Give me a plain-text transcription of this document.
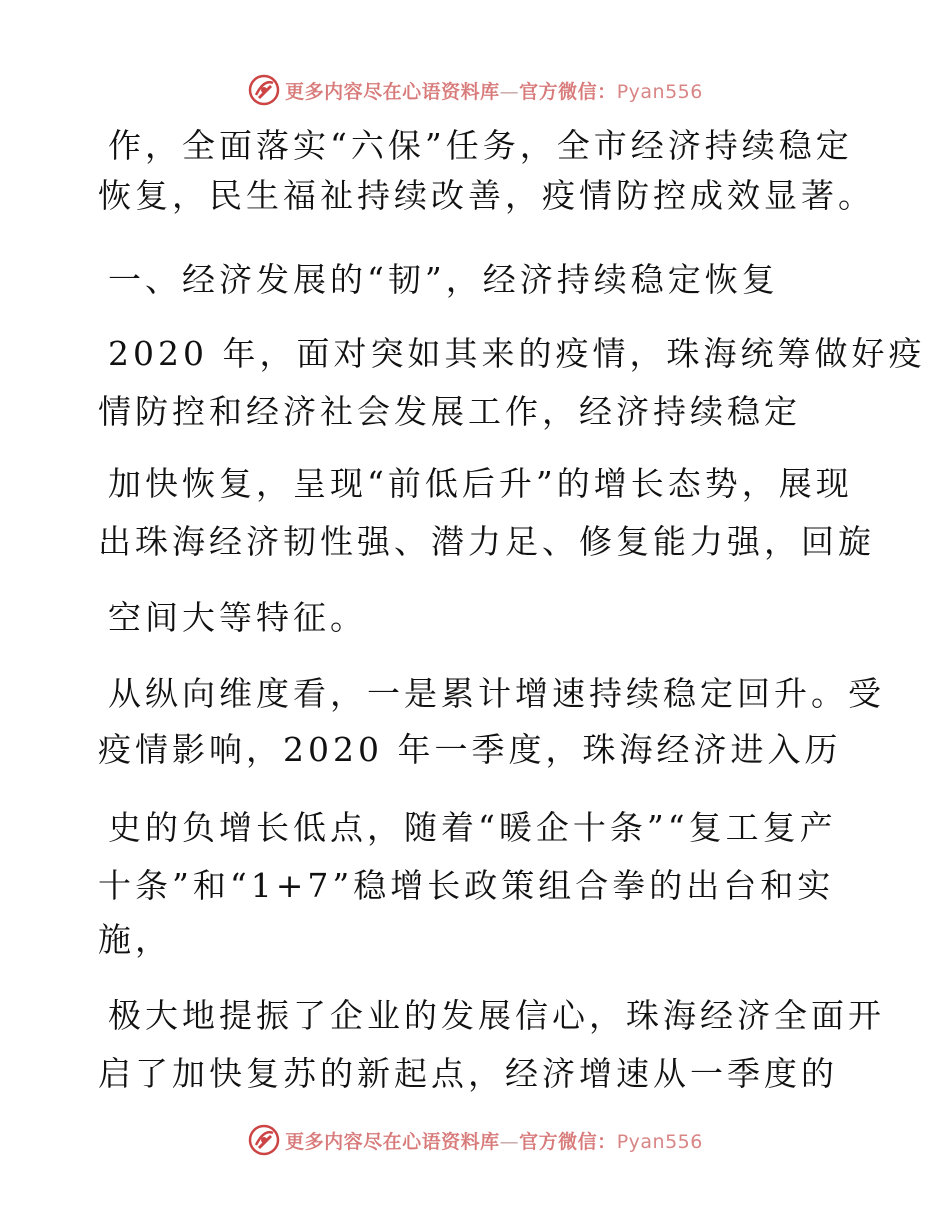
更多内容尽在心语资料库—官方微信：Pyan556
作，全面落实“六保”任务，全市经济持续稳定
恢复，民生福祉持续改善，疫情防控成效显著。
一、经济发展的“韧”，经济持续稳定恢复
2020 年，面对突如其来的疫情，珠海统筹做好疫
情防控和经济社会发展工作，经济持续稳定
加快恢复，呈现“前低后升”的增长态势，展现
出珠海经济韧性强、潜力足、修复能力强，回旋
空间大等特征。
从纵向维度看，一是累计增速持续稳定回升。受
疫情影响，2020 年一季度，珠海经济进入历
史的负增长低点，随着“暖企十条”“复工复产
十条”和“1+7”稳增长政策组合拳的出台和实
施，
极大地提振了企业的发展信心，珠海经济全面开
启了加快复苏的新起点，经济增速从一季度的
更多内容尽在心语资料库—官方微信：Pyan556
